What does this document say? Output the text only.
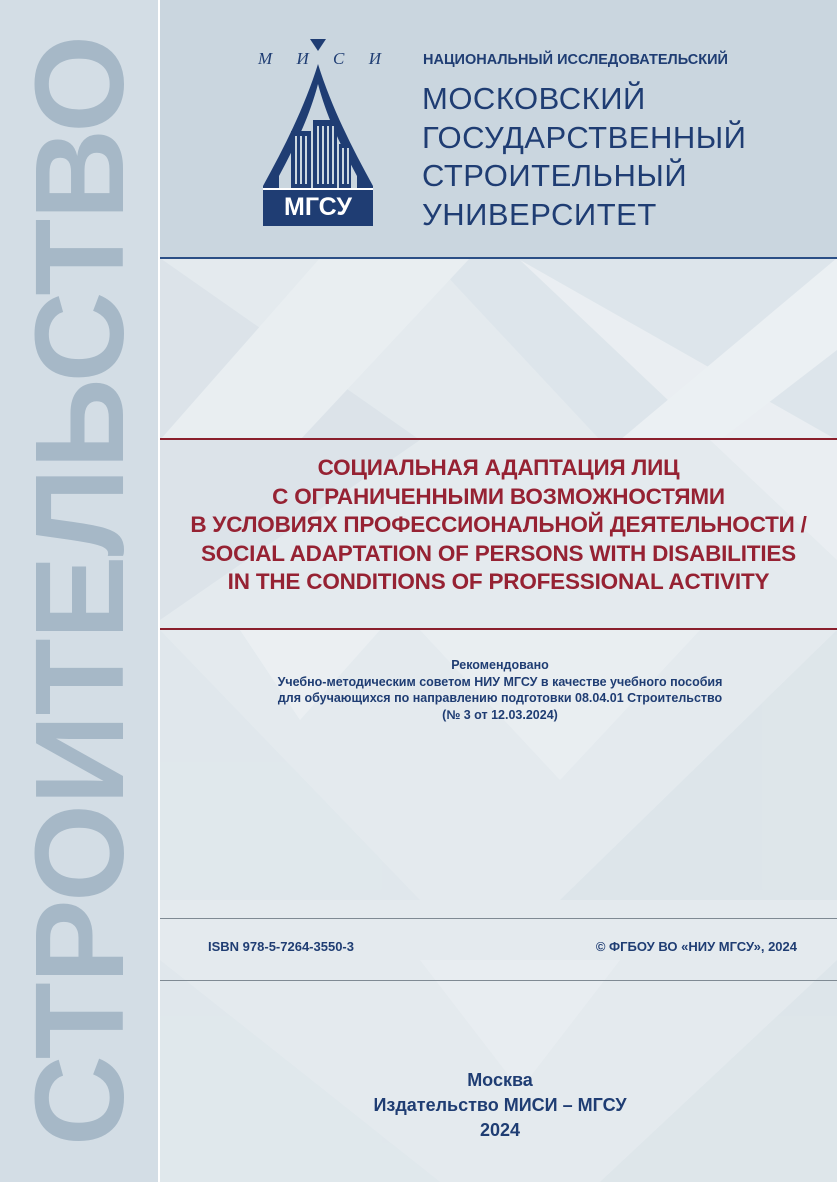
СТРОИТЕЛЬСТВО	М И С И
МГСУ
НАЦИОНАЛЬНЫЙ ИССЛЕДОВАТЕЛЬСКИЙ
МОСКОВСКИЙ
ГОСУДАРСТВЕННЫЙ
СТРОИТЕЛЬНЫЙ
УНИВЕРСИТЕТ
СОЦИАЛЬНАЯ АДАПТАЦИЯ ЛИЦ
С ОГРАНИЧЕННЫМИ ВОЗМОЖНОСТЯМИ
В УСЛОВИЯХ ПРОФЕССИОНАЛЬНОЙ ДЕЯТЕЛЬНОСТИ /
SOCIAL ADAPTATION OF PERSONS WITH DISABILITIES
IN THE CONDITIONS OF PROFESSIONAL ACTIVITY
Рекомендовано
Учебно-методическим советом НИУ МГСУ в качестве учебного пособия
для обучающихся по направлению подготовки 08.04.01 Строительство
(№ 3 от 12.03.2024)
ISBN 978-5-7264-3550-3	© ФГБОУ ВО «НИУ МГСУ», 2024
Москва
Издательство МИСИ – МГСУ
2024
